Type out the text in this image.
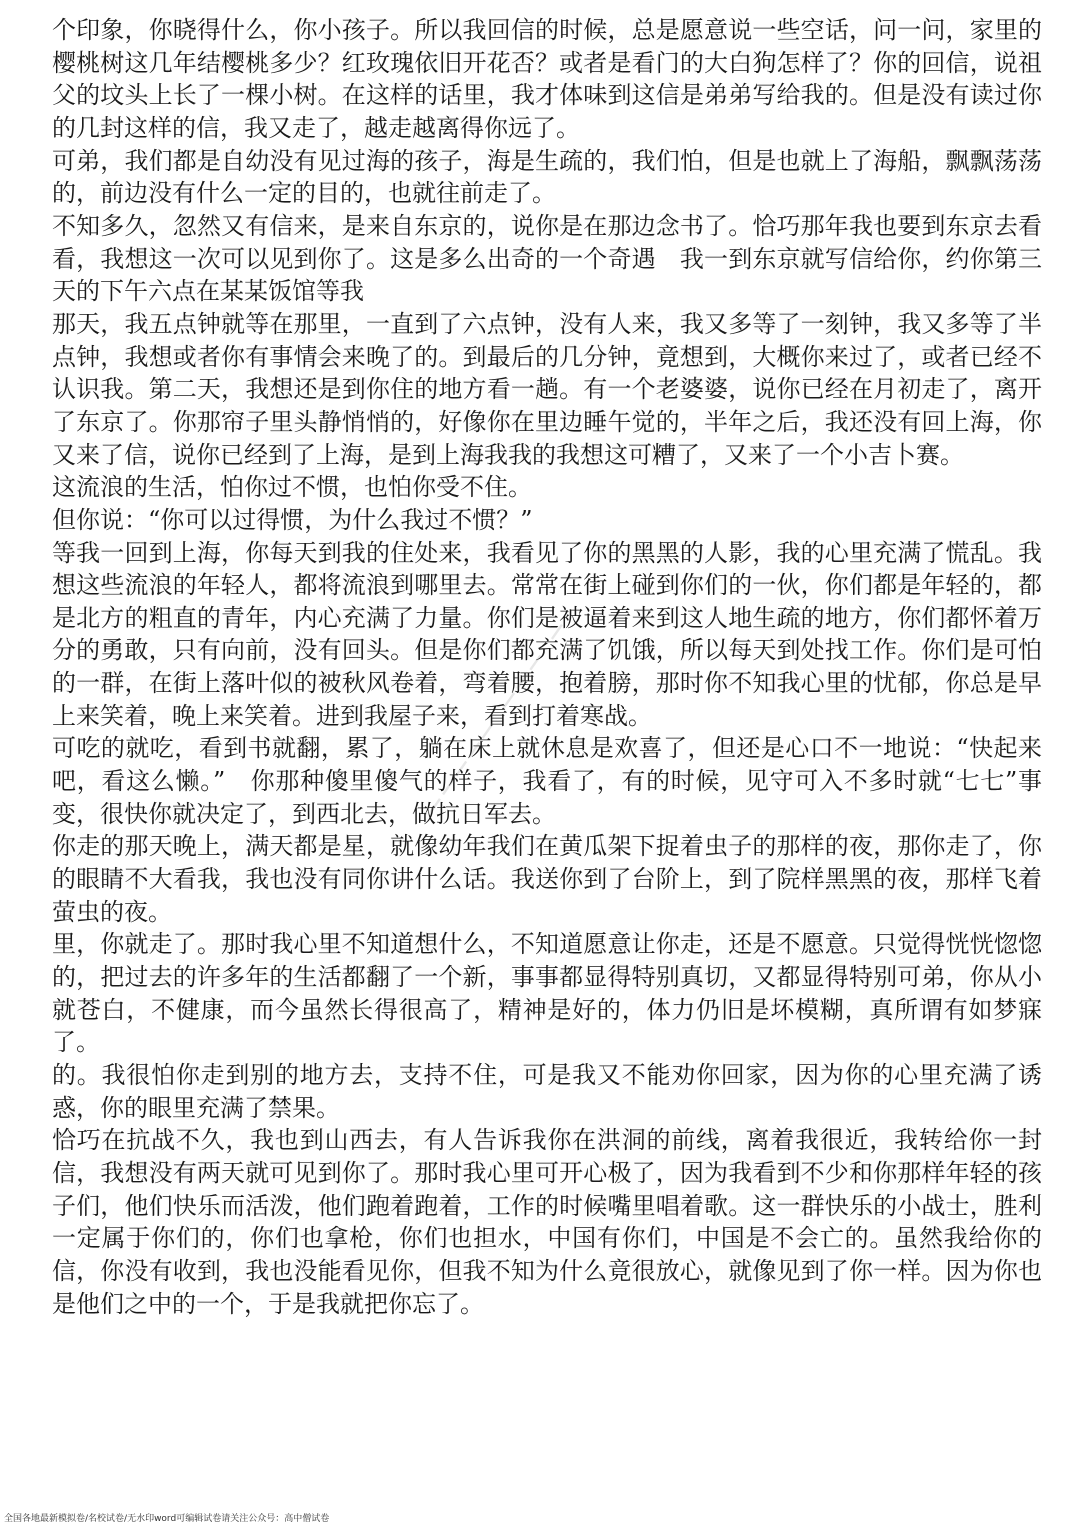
个印象，你晓得什么，你小孩子。所以我回信的时候，总是愿意说一些空话，问一问，家里的樱桃树这几年结樱桃多少？红玫瑰依旧开花否？或者是看门的大白狗怎样了？你的回信，说祖父的坟头上长了一棵小树。在这样的话里，我才体味到这信是弟弟写给我的。但是没有读过你的几封这样的信，我又走了，越走越离得你远了。

可弟，我们都是自幼没有见过海的孩子，海是生疏的，我们怕，但是也就上了海船，飘飘荡荡的，前边没有什么一定的目的，也就往前走了。

不知多久，忽然又有信来，是来自东京的，说你是在那边念书了。恰巧那年我也要到东京去看看，我想这一次可以见到你了。这是多么出奇的一个奇遇　我一到东京就写信给你，约你第三天的下午六点在某某饭馆等我

那天，我五点钟就等在那里，一直到了六点钟，没有人来，我又多等了一刻钟，我又多等了半点钟，我想或者你有事情会来晚了的。到最后的几分钟，竟想到，大概你来过了，或者已经不认识我。第二天，我想还是到你住的地方看一趟。有一个老婆婆，说你已经在月初走了，离开了东京了。你那帘子里头静悄悄的，好像你在里边睡午觉的，半年之后，我还没有回上海，你又来了信，说你已经到了上海，是到上海我我的我想这可糟了，又来了一个小吉卜赛。

这流浪的生活，怕你过不惯，也怕你受不住。

但你说：“你可以过得惯，为什么我过不惯？”

等我一回到上海，你每天到我的住处来，我看见了你的黑黑的人影，我的心里充满了慌乱。我想这些流浪的年轻人，都将流浪到哪里去。常常在街上碰到你们的一伙，你们都是年轻的，都是北方的粗直的青年，内心充满了力量。你们是被逼着来到这人地生疏的地方，你们都怀着万分的勇敢，只有向前，没有回头。但是你们都充满了饥饿，所以每天到处找工作。你们是可怕的一群，在街上落叶似的被秋风卷着，弯着腰，抱着膀，那时你不知我心里的忧郁，你总是早上来笑着，晚上来笑着。进到我屋子来，看到打着寒战。

可吃的就吃，看到书就翻，累了，躺在床上就休息是欢喜了，但还是心口不一地说：“快起来吧，看这么懒。”　你那种傻里傻气的样子，我看了，有的时候，见守可入不多时就“七七”事变，很快你就决定了，到西北去，做抗日军去。

你走的那天晚上，满天都是星，就像幼年我们在黄瓜架下捉着虫子的那样的夜，那你走了，你的眼睛不大看我，我也没有同你讲什么话。我送你到了台阶上，到了院样黑黑的夜，那样飞着萤虫的夜。

里，你就走了。那时我心里不知道想什么，不知道愿意让你走，还是不愿意。只觉得恍恍惚惚的，把过去的许多年的生活都翻了一个新，事事都显得特别真切，又都显得特别可弟，你从小就苍白，不健康，而今虽然长得很高了，精神是好的，体力仍旧是坏模糊，真所谓有如梦寐了。

的。我很怕你走到别的地方去，支持不住，可是我又不能劝你回家，因为你的心里充满了诱惑，你的眼里充满了禁果。

恰巧在抗战不久，我也到山西去，有人告诉我你在洪洞的前线，离着我很近，我转给你一封信，我想没有两天就可见到你了。那时我心里可开心极了，因为我看到不少和你那样年轻的孩子们，他们快乐而活泼，他们跑着跑着，工作的时候嘴里唱着歌。这一群快乐的小战士，胜利一定属于你们的，你们也拿枪，你们也担水，中国有你们，中国是不会亡的。虽然我给你的信，你没有收到，我也没能看见你，但我不知为什么竟很放心，就像见到了你一样。因为你也是他们之中的一个，于是我就把你忘了。

───── ─── ─
全国各地最新模拟卷/名校试卷/无水印word可编辑试卷请关注公众号：高中僧试卷
